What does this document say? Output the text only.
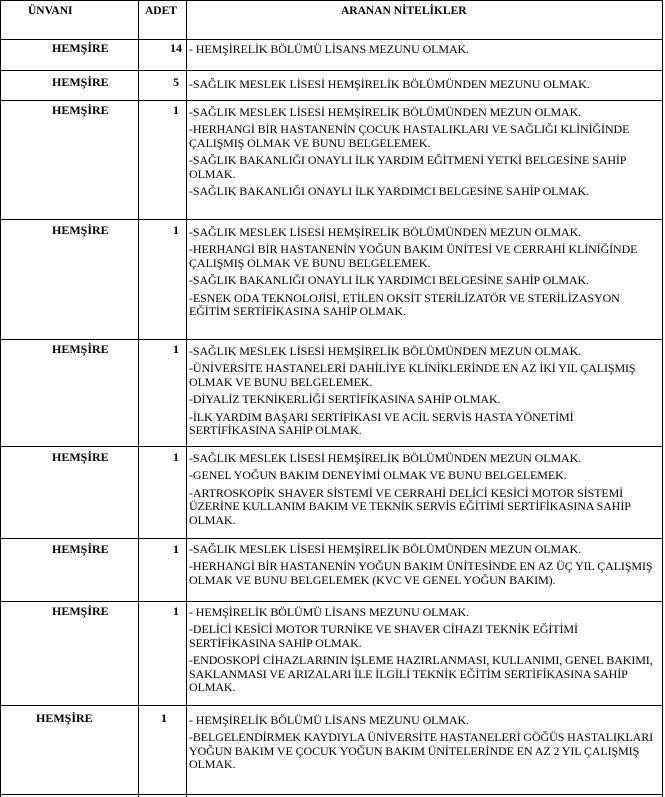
ÜNVANI	ADET	ARANAN NİTELİKLER
HEMŞİRE	14 - HEMŞİRELİK BÖLÜMÜ LİSANS MEZUNU OLMAK.

HEMŞİRE	5 -SAĞLIK MESLEK LİSESİ HEMŞİRELİK BÖLÜMÜNDEN MEZUNU OLMAK.

HEMŞİRE	1 -SAĞLIK MESLEK LİSESİ HEMŞİRELİK BÖLÜMÜNDEN MEZUN OLMAK.

-HERHANGİ BİR HASTANENİN ÇOCUK HASTALIKLARI VE SAĞLIĞI KLİNİĞİNDE ÇALIŞMIŞ OLMAK VE BUNU BELGELEMEK.

-SAĞLIK BAKANLIĞI ONAYLI İLK YARDIM EĞİTMENİ YETKİ BELGESİNE SAHİP OLMAK.

-SAĞLIK BAKANLIĞI ONAYLI İLK YARDIMCI BELGESİNE SAHİP OLMAK.

HEMŞİRE	1 -SAĞLIK MESLEK LİSESİ HEMŞİRELİK BÖLÜMÜNDEN MEZUN OLMAK.

-HERHANGİ BİR HASTANENİN YOĞUN BAKIM ÜNİTESİ VE CERRAHİ KLİNİĞİNDE ÇALIŞMIŞ OLMAK VE BUNU BELGELEMEK.

-SAĞLIK BAKANLIĞI ONAYLI İLK YARDIMCI BELGESİNE SAHİP OLMAK.

-ESNEK ODA TEKNOLOJİSİ, ETİLEN OKSİT STERİLİZATÖR VE STERİLİZASYON EĞİTİM SERTİFİKASINA SAHİP OLMAK.

HEMŞİRE	1 -SAĞLIK MESLEK LİSESİ HEMŞİRELİK BÖLÜMÜNDEN MEZUN OLMAK.

-ÜNİVERSİTE HASTANELERİ DAHİLİYE KLİNİKLERİNDE EN AZ İKİ YIL ÇALIŞMIŞ OLMAK VE BUNU BELGELEMEK.

-DİYALİZ TEKNİKERLİĞİ SERTİFİKASINA SAHİP OLMAK.

-İLK YARDIM BAŞARI SERTİFİKASI VE ACİL SERVİS HASTA YÖNETİMİ SERTİFİKASINA SAHİP OLMAK.

HEMŞİRE	1 -SAĞLIK MESLEK LİSESİ HEMŞİRELİK BÖLÜMÜNDEN MEZUN OLMAK.

-GENEL YOĞUN BAKIM DENEYİMİ OLMAK VE BUNU BELGELEMEK.

-ARTROSKOPİK SHAVER SİSTEMİ VE CERRAHİ DELİCİ KESİCİ MOTOR SİSTEMİ ÜZERİNE KULLANIM BAKIM VE TEKNİK SERVİS EĞİTİMİ SERTİFİKASINA SAHİP OLMAK.

HEMŞİRE	1 -SAĞLIK MESLEK LİSESİ HEMŞİRELİK BÖLÜMÜNDEN MEZUN OLMAK.

-HERHANGİ BİR HASTANENİN YOĞUN BAKIM ÜNİTESİNDE EN AZ ÜÇ YIL ÇALIŞMIŞ OLMAK VE BUNU BELGELEMEK (KVC VE GENEL YOĞUN BAKIM).

HEMŞİRE	1 - HEMŞİRELİK BÖLÜMÜ LİSANS MEZUNU OLMAK.

-DELİCİ KESİCİ MOTOR TURNİKE VE SHAVER CİHAZI TEKNİK EĞİTİMİ SERTİFİKASINA SAHİP OLMAK.

-ENDOSKOPİ CİHAZLARININ İŞLEME HAZIRLANMASI, KULLANIMI, GENEL BAKIMI, SAKLANMASI VE ARIZALARI İLE İLGİLİ TEKNİK EĞİTİM SERTİFİKASINA SAHİP OLMAK.

HEMŞİRE	1 - HEMŞİRELİK BÖLÜMÜ LİSANS MEZUNU OLMAK.

-BELGELENDİRMEK KAYDIYLA ÜNİVERSİTE HASTANELERİ GÖĞÜS HASTALIKLARI YOĞUN BAKIM VE ÇOCUK YOĞUN BAKIM ÜNİTELERİNDE EN AZ 2 YIL ÇALIŞMIŞ OLMAK.
